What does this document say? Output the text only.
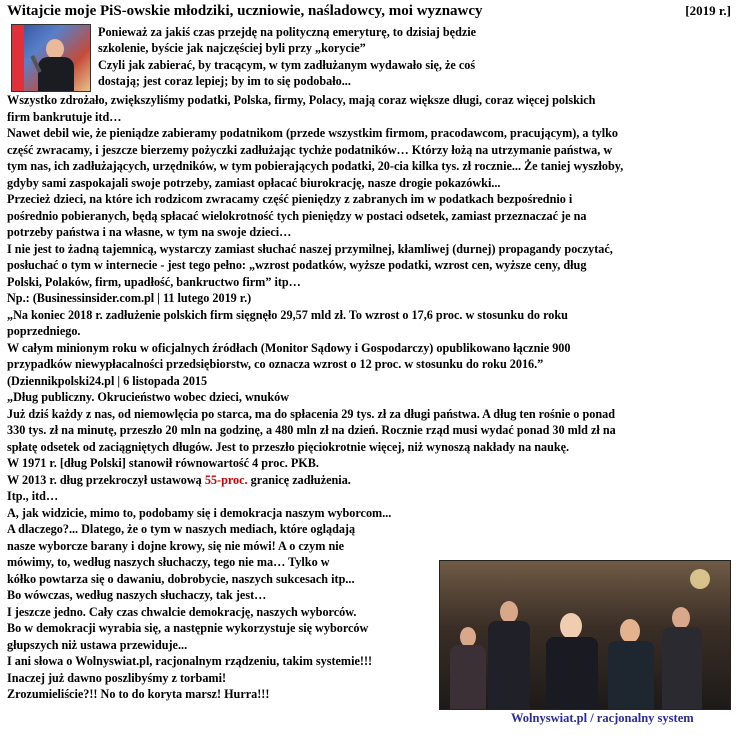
Witajcie moje PiS-owskie młodziki, uczniowie, naśladowcy, moi wyznawcy	[2019 r.]
Ponieważ za jakiś czas przejdę na polityczną emeryturę, to dzisiaj będzie
szkolenie, byście jak najczęściej byli przy „korycie”
Czyli jak zabierać, by tracącym, w tym zadłużanym wydawało się, że coś
dostają; jest coraz lepiej; by im to się podobało...
Wszystko zdrożało, zwiększyliśmy podatki, Polska, firmy, Polacy, mają coraz większe długi, coraz więcej polskich
firm bankrutuje itd…
Nawet debil wie, że pieniądze zabieramy podatnikom (przede wszystkim firmom, pracodawcom, pracującym), a tylko
część zwracamy, i jeszcze bierzemy pożyczki zadłużając tychże podatników… Którzy łożą na utrzymanie państwa, w
tym nas, ich zadłużających, urzędników, w tym pobierających podatki, 20-cia kilka tys. zł rocznie... Że taniej wyszłoby,
gdyby sami zaspokajali swoje potrzeby, zamiast opłacać biurokrację, nasze drogie pokazówki...
Przecież dzieci, na które ich rodzicom zwracamy część pieniędzy z zabranych im w podatkach bezpośrednio i
pośrednio pobieranych, będą spłacać wielokrotność tych pieniędzy w postaci odsetek, zamiast przeznaczać je na
potrzeby państwa i na własne, w tym na swoje dzieci…
I nie jest to żadną tajemnicą, wystarczy zamiast słuchać naszej przymilnej, kłamliwej (durnej) propagandy poczytać,
posłuchać o tym w internecie - jest tego pełno: „wzrost podatków, wyższe podatki, wzrost cen, wyższe ceny, dług
Polski, Polaków, firm, upadłość, bankructwo firm” itp…
Np.: (Businessinsider.com.pl | 11 lutego 2019 r.)
„Na koniec 2018 r. zadłużenie polskich firm sięgnęło 29,57 mld zł. To wzrost o 17,6 proc. w stosunku do roku
poprzedniego.
W całym minionym roku w oficjalnych źródłach (Monitor Sądowy i Gospodarczy) opublikowano łącznie 900
przypadków niewypłacalności przedsiębiorstw, co oznacza wzrost o 12 proc. w stosunku do roku 2016.”
(Dziennikpolski24.pl | 6 listopada 2015
„Dług publiczny. Okrucieństwo wobec dzieci, wnuków
Już dziś każdy z nas, od niemowlęcia po starca, ma do spłacenia 29 tys. zł za długi państwa. A dług ten rośnie o ponad
330 tys. zł na minutę, przeszło 20 mln na godzinę, a 480 mln zł na dzień. Rocznie rząd musi wydać ponad 30 mld zł na
spłatę odsetek od zaciągniętych długów. Jest to przeszło pięciokrotnie więcej, niż wynoszą nakłady na naukę.
W 1971 r. [dług Polski] stanowił równowartość 4 proc. PKB.
W 2013 r. dług przekroczył ustawową 55-proc. granicę zadłużenia.
Itp., itd…
A, jak widzicie, mimo to, podobamy się i demokracja naszym wyborcom...
A dlaczego?... Dlatego, że o tym w naszych mediach, które oglądają
nasze wyborcze barany i dojne krowy, się nie mówi! A o czym nie
mówimy, to, według naszych słuchaczy, tego nie ma… Tylko w
kółko powtarza się o dawaniu, dobrobycie, naszych sukcesach itp...
Bo wówczas, według naszych słuchaczy, tak jest…
I jeszcze jedno. Cały czas chwalcie demokrację, naszych wyborców.
Bo w demokracji wyrabia się, a następnie wykorzystuje się wyborców
głupszych niż ustawa przewiduje...
I ani słowa o Wolnyswiat.pl, racjonalnym rządzeniu, takim systemie!!!
Inaczej już dawno poszlibyśmy z torbami!
Zrozumieliście?!! No to do koryta marsz! Hurra!!!
Wolnyswiat.pl / racjonalny system
